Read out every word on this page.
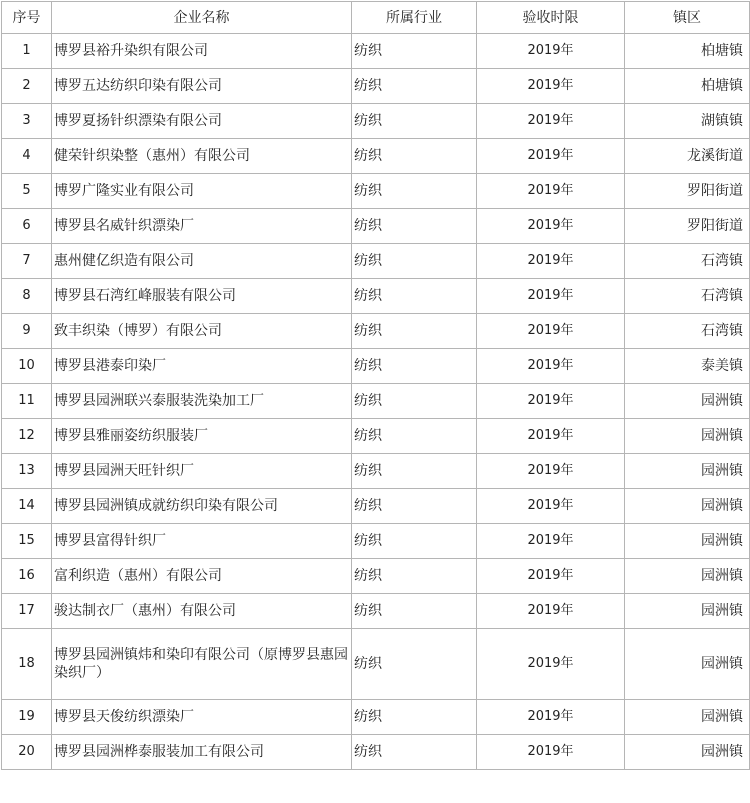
序号	企业名称	所属行业	验收时限	镇区
1	博罗县裕升染织有限公司	纺织	2019年	柏塘镇
2	博罗五达纺织印染有限公司	纺织	2019年	柏塘镇
3	博罗夏扬针织漂染有限公司	纺织	2019年	湖镇镇
4	健荣针织染整（惠州）有限公司	纺织	2019年	龙溪街道
5	博罗广隆实业有限公司	纺织	2019年	罗阳街道
6	博罗县名威针织漂染厂	纺织	2019年	罗阳街道
7	惠州健亿织造有限公司	纺织	2019年	石湾镇
8	博罗县石湾红峰服装有限公司	纺织	2019年	石湾镇
9	致丰织染（博罗）有限公司	纺织	2019年	石湾镇
10	博罗县港泰印染厂	纺织	2019年	泰美镇
11	博罗县园洲联兴泰服装洗染加工厂	纺织	2019年	园洲镇
12	博罗县雅丽姿纺织服装厂	纺织	2019年	园洲镇
13	博罗县园洲天旺针织厂	纺织	2019年	园洲镇
14	博罗县园洲镇成就纺织印染有限公司	纺织	2019年	园洲镇
15	博罗县富得针织厂	纺织	2019年	园洲镇
16	富利织造（惠州）有限公司	纺织	2019年	园洲镇
17	骏达制衣厂（惠州）有限公司	纺织	2019年	园洲镇
18	博罗县园洲镇炜和染印有限公司（原博罗县惠园染织厂）	纺织	2019年	园洲镇
19	博罗县天俊纺织漂染厂	纺织	2019年	园洲镇
20	博罗县园洲桦泰服装加工有限公司	纺织	2019年	园洲镇
